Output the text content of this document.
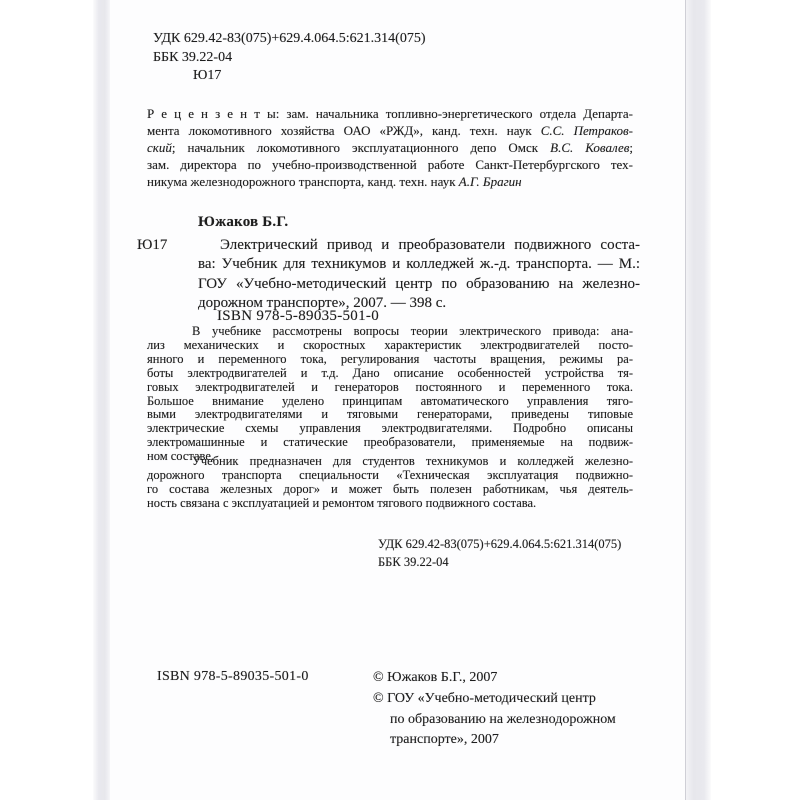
УДК 629.42-83(075)+629.4.064.5:621.314(075)
ББК 39.22-04
Ю17
Р е ц е н з е н т ы: зам. начальника топливно-энергетического отдела Департа-
мента локомотивного хозяйства ОАО «РЖД», канд. техн. наук С.С. Петраков-
ский; начальник локомотивного эксплуатационного депо Омск В.С. Ковалев;
зам. директора по учебно-производственной работе Санкт-Петербургского тех-
никума железнодорожного транспорта, канд. техн. наук А.Г. Брагин
Южаков Б.Г.
Ю17	Электрический привод и преобразователи подвижного соста-
ва: Учебник для техникумов и колледжей ж.-д. транспорта. — М.:
ГОУ «Учебно-методический центр по образованию на железно-
дорожном транспорте», 2007. — 398 с.
ISBN 978-5-89035-501-0
В учебнике рассмотрены вопросы теории электрического привода: ана-
лиз механических и скоростных характеристик электродвигателей посто-
янного и переменного тока, регулирования частоты вращения, режимы ра-
боты электродвигателей и т.д. Дано описание особенностей устройства тя-
говых электродвигателей и генераторов постоянного и переменного тока.
Большое внимание уделено принципам автоматического управления тяго-
выми электродвигателями и тяговыми генераторами, приведены типовые
электрические схемы управления электродвигателями. Подробно описаны
электромашинные и статические преобразователи, применяемые на подвиж-
ном составе.
Учебник предназначен для студентов техникумов и колледжей железно-
дорожного транспорта специальности «Техническая эксплуатация подвижно-
го состава железных дорог» и может быть полезен работникам, чья деятель-
ность связана с эксплуатацией и ремонтом тягового подвижного состава.
УДК 629.42-83(075)+629.4.064.5:621.314(075)
ББК 39.22-04
ISBN 978-5-89035-501-0	© Южаков Б.Г., 2007
© ГОУ «Учебно-методический центр
по образованию на железнодорожном
транспорте», 2007
